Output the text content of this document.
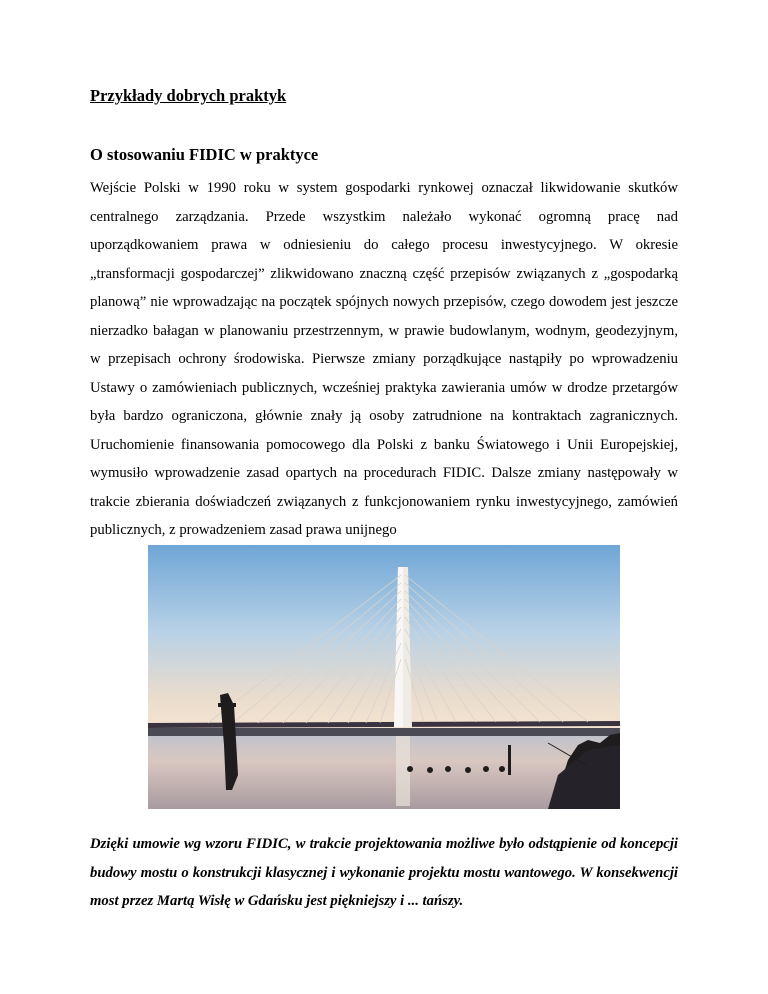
Przykłady dobrych praktyk
O stosowaniu FIDIC w praktyce

Wejście Polski w 1990 roku w system gospodarki rynkowej oznaczał likwidowanie skutków centralnego zarządzania. Przede wszystkim należało wykonać ogromną pracę nad uporządkowaniem prawa w odniesieniu do całego procesu inwestycyjnego. W okresie „transformacji gospodarczej” zlikwidowano znaczną część przepisów związanych z „gospodarką planową” nie wprowadzając na początek spójnych nowych przepisów, czego dowodem jest jeszcze nierzadko bałagan w planowaniu przestrzennym, w prawie budowlanym, wodnym, geodezyjnym, w przepisach ochrony środowiska. Pierwsze zmiany porządkujące nastąpiły po wprowadzeniu Ustawy o zamówieniach publicznych, wcześniej praktyka zawierania umów w drodze przetargów była bardzo ograniczona, głównie znały ją osoby zatrudnione na kontraktach zagranicznych. Uruchomienie finansowania pomocowego dla Polski z banku Światowego i Unii Europejskiej, wymusiło wprowadzenie zasad opartych na procedurach FIDIC. Dalsze zmiany następowały w trakcie zbierania doświadczeń związanych z funkcjonowaniem rynku inwestycyjnego, zamówień publicznych, z prowadzeniem zasad prawa unijnego

Dzięki umowie wg wzoru FIDIC, w trakcie projektowania możliwe było odstąpienie od koncepcji budowy mostu o konstrukcji klasycznej i wykonanie projektu mostu wantowego. W konsekwencji most przez Martą Wisłę w Gdańsku jest piękniejszy i ... tańszy.
